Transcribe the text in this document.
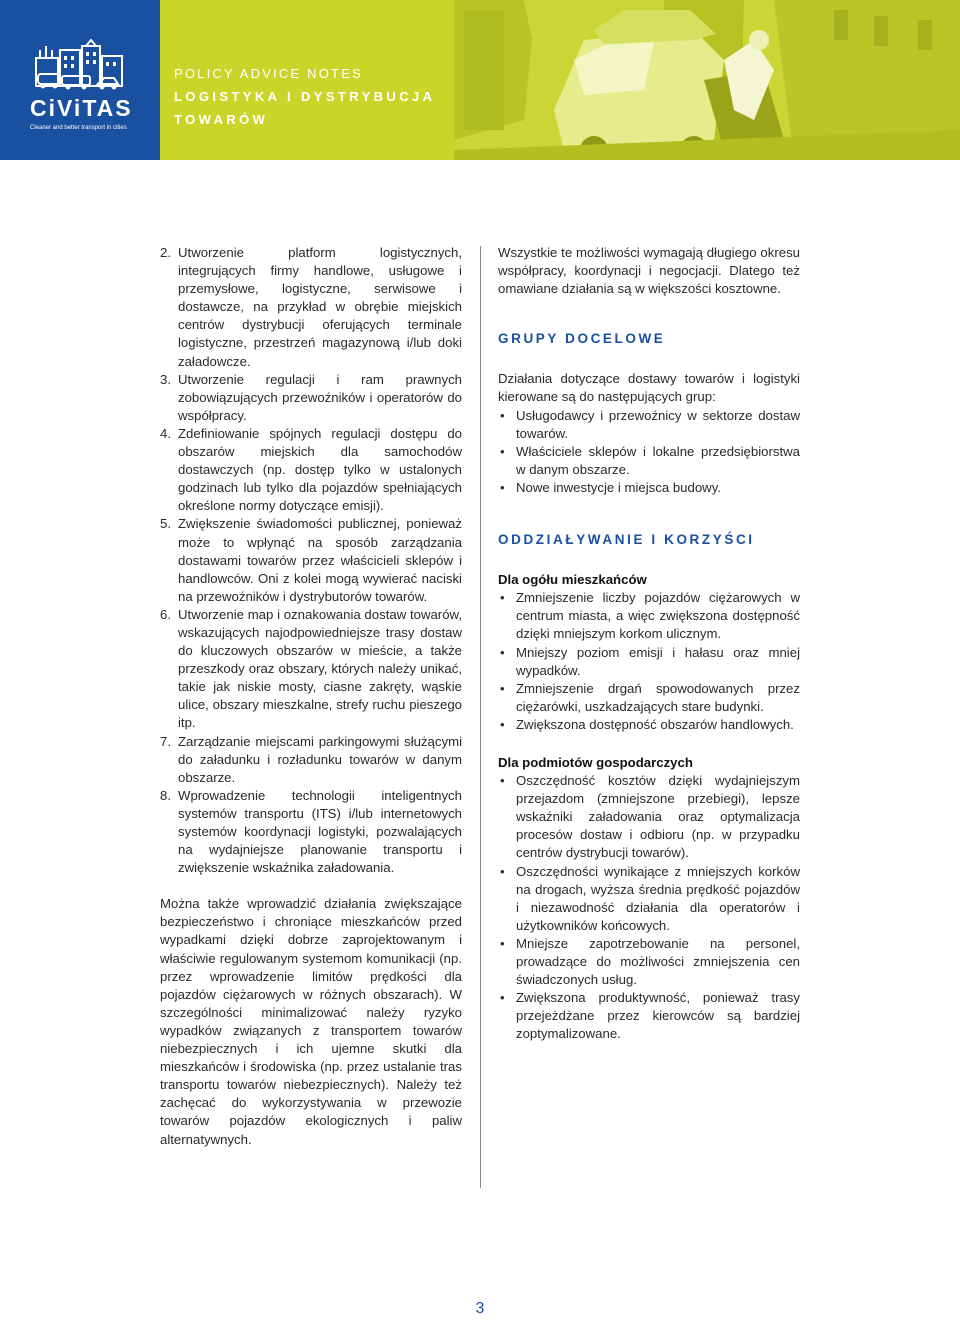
CiViTAS
Cleaner and better transport in cities
POLICY ADVICE NOTES
LOGISTYKA I DYSTRYBUCJA
TOWARÓW
2. Utworzenie platform logistycznych, integrujących firmy handlowe, usługowe i przemysłowe, logistyczne, serwisowe i dostawcze, na przykład w obrębie miejskich centrów dystrybucji oferujących terminale logistyczne, przestrzeń magazynową i/lub doki załadowcze.
3. Utworzenie regulacji i ram prawnych zobowiązujących przewoźników i operatorów do współpracy.
4. Zdefiniowanie spójnych regulacji dostępu do obszarów miejskich dla samochodów dostawczych (np. dostęp tylko w ustalonych godzinach lub tylko dla pojazdów spełniających określone normy dotyczące emisji).
5. Zwiększenie świadomości publicznej, ponieważ może to wpłynąć na sposób zarządzania dostawami towarów przez właścicieli sklepów i handlowców. Oni z kolei mogą wywierać naciski na przewoźników i dystrybutorów towarów.
6. Utworzenie map i oznakowania dostaw towarów, wskazujących najodpowiedniejsze trasy dostaw do kluczowych obszarów w mieście, a także przeszkody oraz obszary, których należy unikać, takie jak niskie mosty, ciasne zakręty, wąskie ulice, obszary mieszkalne, strefy ruchu pieszego itp.
7. Zarządzanie miejscami parkingowymi służącymi do załadunku i rozładunku towarów w danym obszarze.
8. Wprowadzenie technologii inteligentnych systemów transportu (ITS) i/lub internetowych systemów koordynacji logistyki, pozwalających na wydajniejsze planowanie transportu i zwiększenie wskaźnika załadowania.

Można także wprowadzić działania zwiększające bezpieczeństwo i chroniące mieszkańców przed wypadkami dzięki dobrze zaprojektowanym i właściwie regulowanym systemom komunikacji (np. przez wprowadzenie limitów prędkości dla pojazdów ciężarowych w różnych obszarach). W szczególności minimalizować należy ryzyko wypadków związanych z transportem towarów niebezpiecznych i ich ujemne skutki dla mieszkańców i środowiska (np. przez ustalanie tras transportu towarów niebezpiecznych). Należy też zachęcać do wykorzystywania w przewozie towarów pojazdów ekologicznych i paliw alternatywnych.

Wszystkie te możliwości wymagają długiego okresu współpracy, koordynacji i negocjacji. Dlatego też omawiane działania są w większości kosztowne.

GRUPY DOCELOWE

Działania dotyczące dostawy towarów i logistyki kierowane są do następujących grup:

• Usługodawcy i przewoźnicy w sektorze dostaw towarów.
• Właściciele sklepów i lokalne przedsiębiorstwa w danym obszarze.
• Nowe inwestycje i miejsca budowy.
ODDZIAŁYWANIE I KORZYŚCI

Dla ogółu mieszkańców

• Zmniejszenie liczby pojazdów ciężarowych w centrum miasta, a więc zwiększona dostępność dzięki mniejszym korkom ulicznym.
• Mniejszy poziom emisji i hałasu oraz mniej wypadków.
• Zmniejszenie drgań spowodowanych przez ciężarówki, uszkadzających stare budynki.
• Zwiększona dostępność obszarów handlowych.

Dla podmiotów gospodarczych

• Oszczędność kosztów dzięki wydajniejszym przejazdom (zmniejszone przebiegi), lepsze wskaźniki załadowania oraz optymalizacja procesów dostaw i odbioru (np. w przypadku centrów dystrybucji towarów).
• Oszczędności wynikające z mniejszych korków na drogach, wyższa średnia prędkość pojazdów i niezawodność działania dla operatorów i użytkowników końcowych.
• Mniejsze zapotrzebowanie na personel, prowadzące do możliwości zmniejszenia cen świadczonych usług.
• Zwiększona produktywność, ponieważ trasy przejeżdżane przez kierowców są bardziej zoptymalizowane.
3
